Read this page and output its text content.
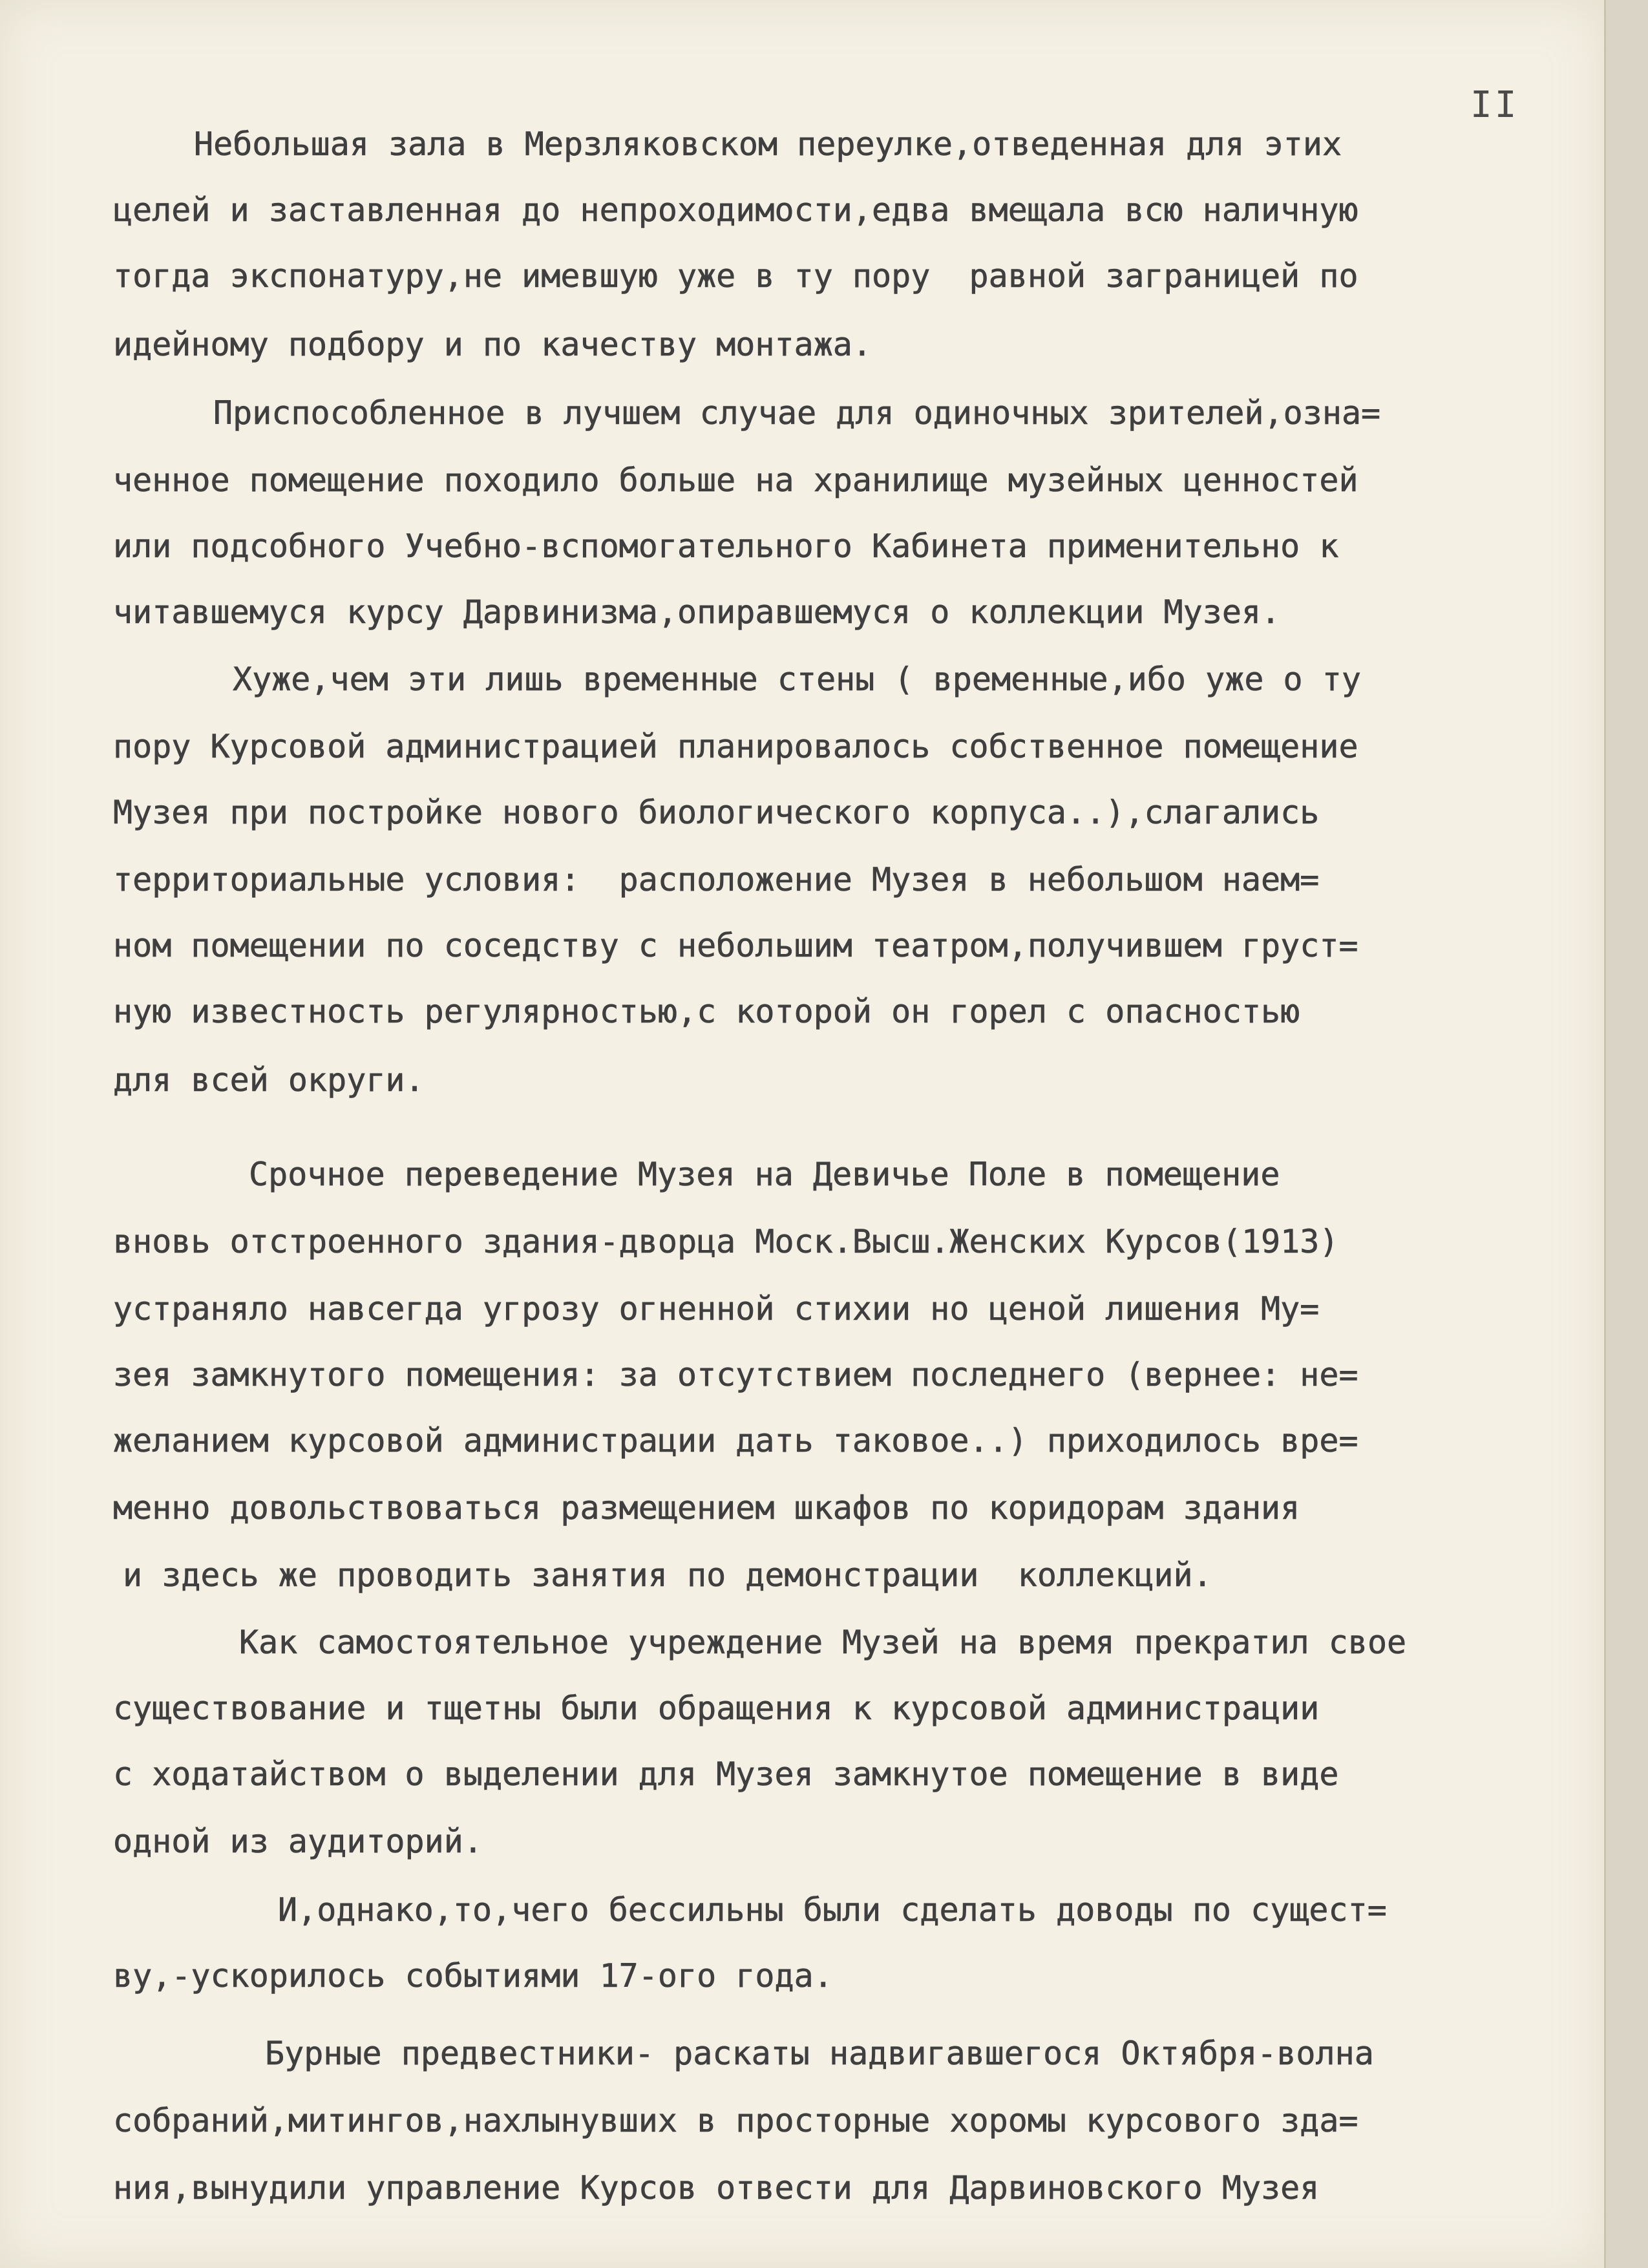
II
Небольшая зала в Мерзляковском переулке,отведенная для этих
целей и заставленная до непроходимости,едва вмещала всю наличную
тогда экспонатуру,не имевшую уже в ту пору  равной заграницей по
идейному подбору и по качеству монтажа.
Приспособленное в лучшем случае для одиночных зрителей,озна=
ченное помещение походило больше на хранилище музейных ценностей
или подсобного Учебно-вспомогательного Кабинета применительно к
читавшемуся курсу Дарвинизма,опиравшемуся о коллекции Музея.
Хуже,чем эти лишь временные стены ( временные,ибо уже о ту
пору Курсовой администрацией планировалось собственное помещение
Музея при постройке нового биологического корпуса..),слагались
территориальные условия:  расположение Музея в небольшом наем=
ном помещении по соседству с небольшим театром,получившем груст=
ную известность регулярностью,с которой он горел с опасностью
для всей округи.
Срочное переведение Музея на Девичье Поле в помещение
вновь отстроенного здания-дворца Моск.Высш.Женских Курсов(1913)
устраняло навсегда угрозу огненной стихии но ценой лишения Му=
зея замкнутого помещения: за отсутствием последнего (вернее: не=
желанием курсовой администрации дать таковое..) приходилось вре=
менно довольствоваться размещением шкафов по коридорам здания
и здесь же проводить занятия по демонстрации  коллекций.
Как самостоятельное учреждение Музей на время прекратил свое
существование и тщетны были обращения к курсовой администрации
с ходатайством о выделении для Музея замкнутое помещение в виде
одной из аудиторий.
И,однако,то,чего бессильны были сделать доводы по сущест=
ву,-ускорилось событиями 17-ого года.
Бурные предвестники- раскаты надвигавшегося Октября-волна
собраний,митингов,нахлынувших в просторные хоромы курсового зда=
ния,вынудили управление Курсов отвести для Дарвиновского Музея
